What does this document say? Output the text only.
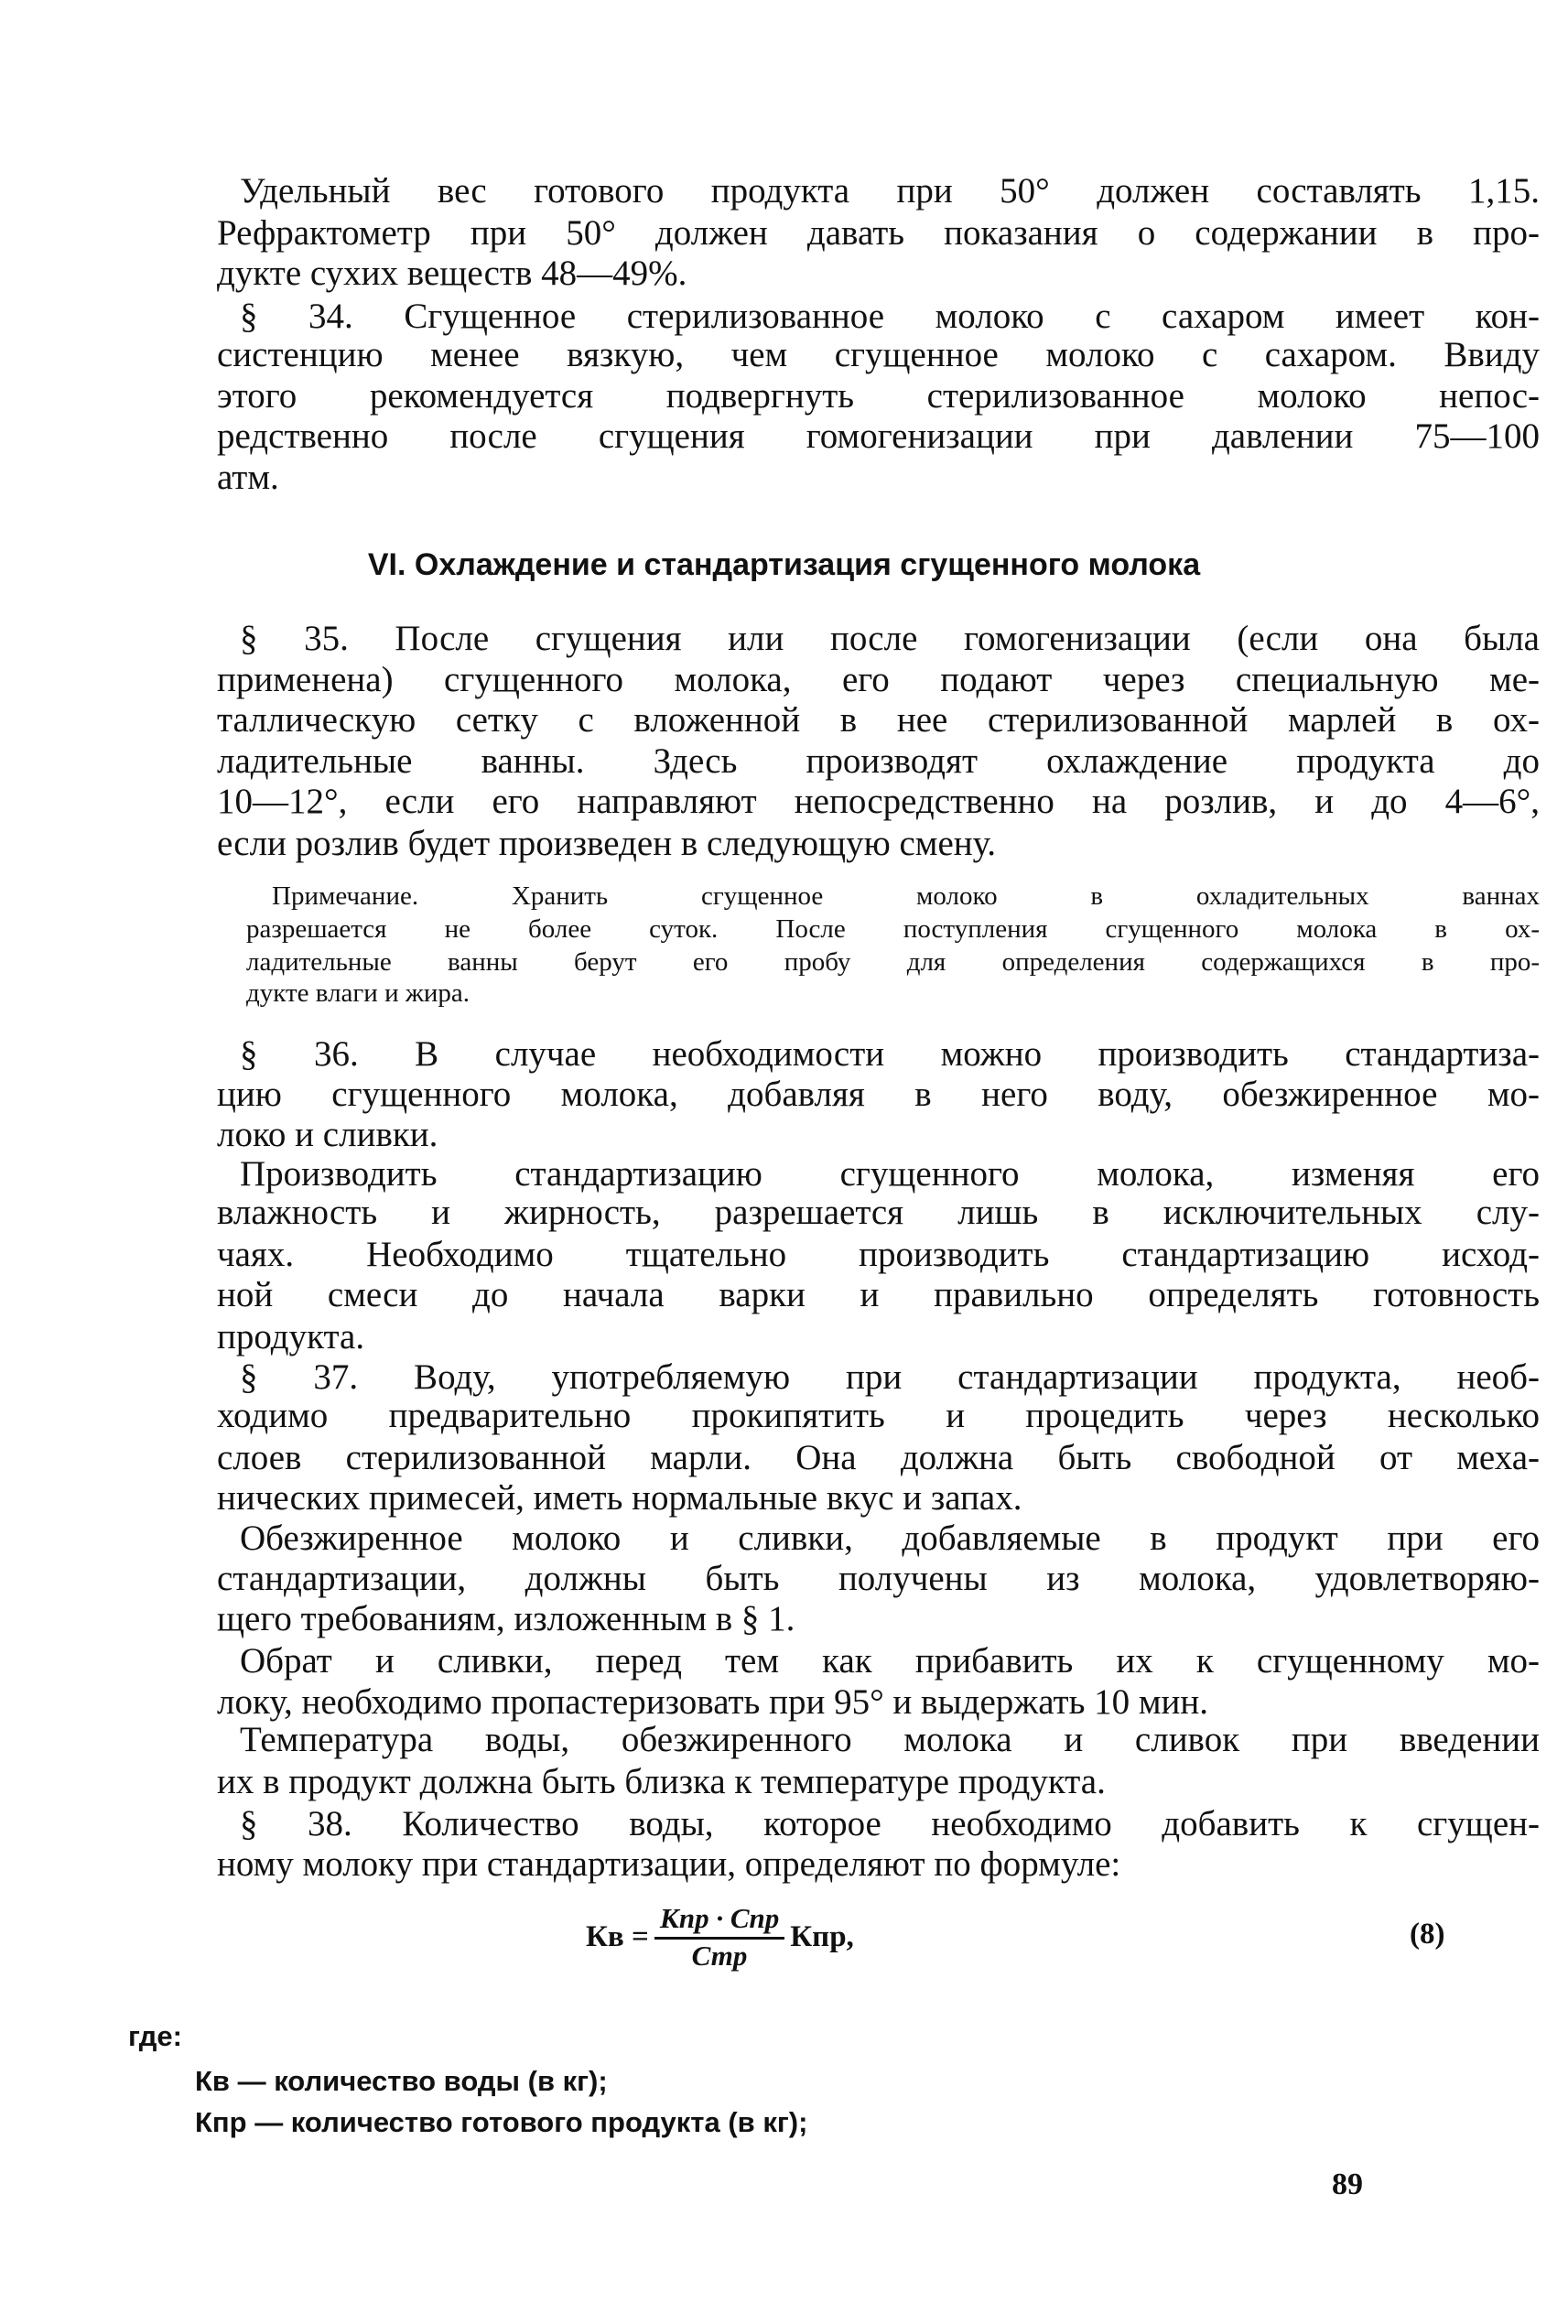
VI. Охлаждение и стандартизация сгущенного молока
Кв = $\frac{\text{Кпр · Спр}}{\text{Стр}}$ Кпр,	(8)
где:
Кв — количество воды (в кг);
Кпр — количество готового продукта (в кг);
89
Удельный вес готового продукта при 50° должен составлять 1,15.
Рефрактометр при 50° должен давать показания о содержании в про-
дукте сухих веществ 48—49%.
§ 34. Сгущенное стерилизованное молоко с сахаром имеет кон-
систенцию менее вязкую, чем сгущенное молоко с сахаром. Ввиду
этого рекомендуется подвергнуть стерилизованное молоко непос-
редственно после сгущения гомогенизации при давлении 75—100
атм.
§ 35. После сгущения или после гомогенизации (если она была
применена) сгущенного молока, его подают через специальную ме-
таллическую сетку с вложенной в нее стерилизованной марлей в ох-
ладительные ванны. Здесь производят охлаждение продукта до
10—12°, если его направляют непосредственно на розлив, и до 4—6°,
если розлив будет произведен в следующую смену.
Примечание. Хранить сгущенное молоко в охладительных ваннах
разрешается не более суток. После поступления сгущенного молока в ох-
ладительные ванны берут его пробу для определения содержащихся в про-
дукте влаги и жира.
§ 36. В случае необходимости можно производить стандартиза-
цию сгущенного молока, добавляя в него воду, обезжиренное мо-
локо и сливки.
Производить стандартизацию сгущенного молока, изменяя его
влажность и жирность, разрешается лишь в исключительных слу-
чаях. Необходимо тщательно производить стандартизацию исход-
ной смеси до начала варки и правильно определять готовность
продукта.
§ 37. Воду, употребляемую при стандартизации продукта, необ-
ходимо предварительно прокипятить и процедить через несколько
слоев стерилизованной марли. Она должна быть свободной от меха-
нических примесей, иметь нормальные вкус и запах.
Обезжиренное молоко и сливки, добавляемые в продукт при его
стандартизации, должны быть получены из молока, удовлетворяю-
щего требованиям, изложенным в § 1.
Обрат и сливки, перед тем как прибавить их к сгущенному мо-
локу, необходимо пропастеризовать при 95° и выдержать 10 мин.
Температура воды, обезжиренного молока и сливок при введении
их в продукт должна быть близка к температуре продукта.
§ 38. Количество воды, которое необходимо добавить к сгущен-
ному молоку при стандартизации, определяют по формуле:
